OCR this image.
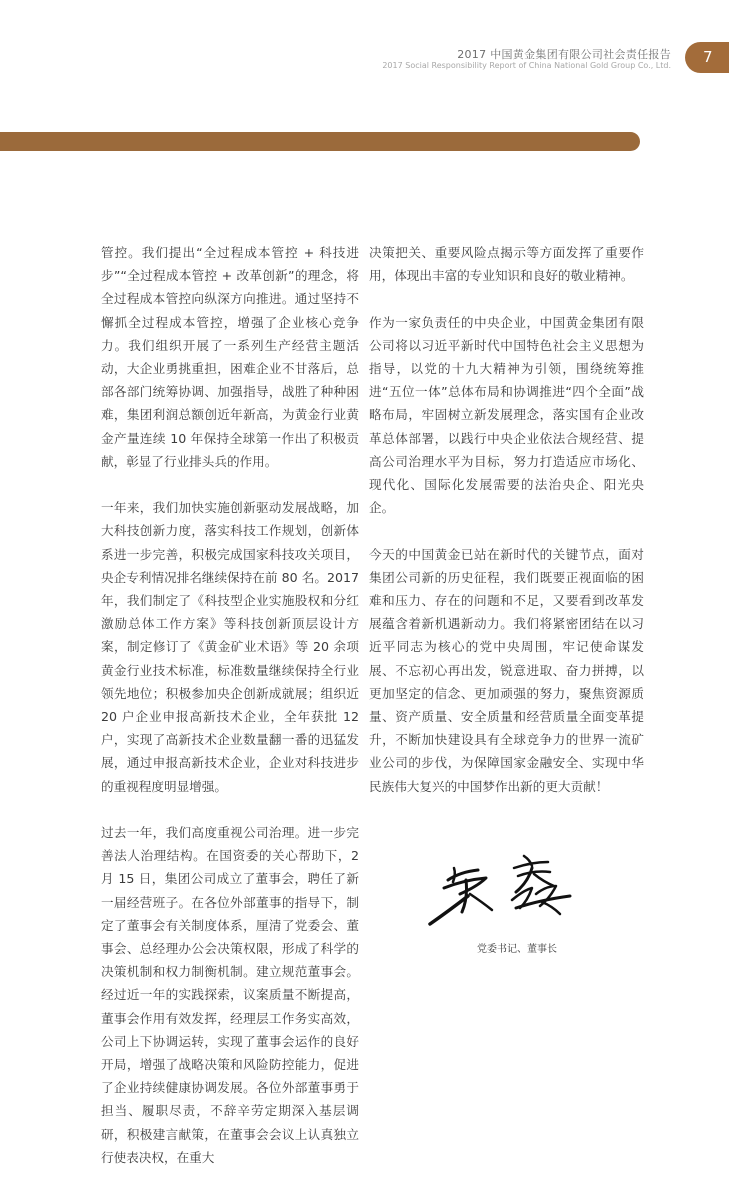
2017 中国黄金集团有限公司社会责任报告
2017 Social Responsibility Report of China National Gold Group Co., Ltd.	7

管控。我们提出“全过程成本管控 + 科技进步”“全过程成本管控 + 改革创新”的理念，将全过程成本管控向纵深方向推进。通过坚持不懈抓全过程成本管控，增强了企业核心竞争力。我们组织开展了一系列生产经营主题活动，大企业勇挑重担，困难企业不甘落后，总部各部门统筹协调、加强指导，战胜了种种困难，集团利润总额创近年新高，为黄金行业黄金产量连续 10 年保持全球第一作出了积极贡献，彰显了行业排头兵的作用。

一年来，我们加快实施创新驱动发展战略，加大科技创新力度，落实科技工作规划，创新体系进一步完善，积极完成国家科技攻关项目，央企专利情况排名继续保持在前 80 名。2017 年，我们制定了《科技型企业实施股权和分红激励总体工作方案》等科技创新顶层设计方案，制定修订了《黄金矿业术语》等 20 余项黄金行业技术标准，标准数量继续保持全行业领先地位；积极参加央企创新成就展；组织近 20 户企业申报高新技术企业，全年获批 12 户，实现了高新技术企业数量翻一番的迅猛发展，通过申报高新技术企业，企业对科技进步的重视程度明显增强。

过去一年，我们高度重视公司治理。进一步完善法人治理结构。在国资委的关心帮助下，2 月 15 日，集团公司成立了董事会，聘任了新一届经营班子。在各位外部董事的指导下，制定了董事会有关制度体系，厘清了党委会、董事会、总经理办公会决策权限，形成了科学的决策机制和权力制衡机制。建立规范董事会。经过近一年的实践探索，议案质量不断提高，董事会作用有效发挥，经理层工作务实高效，公司上下协调运转，实现了董事会运作的良好开局，增强了战略决策和风险防控能力，促进了企业持续健康协调发展。各位外部董事勇于担当、履职尽责，不辞辛劳定期深入基层调研，积极建言献策，在董事会会议上认真独立行使表决权，在重大

决策把关、重要风险点揭示等方面发挥了重要作用，体现出丰富的专业知识和良好的敬业精神。

作为一家负责任的中央企业，中国黄金集团有限公司将以习近平新时代中国特色社会主义思想为指导，以党的十九大精神为引领，围绕统筹推进“五位一体”总体布局和协调推进“四个全面”战略布局，牢固树立新发展理念，落实国有企业改革总体部署，以践行中央企业依法合规经营、提高公司治理水平为目标，努力打造适应市场化、现代化、国际化发展需要的法治央企、阳光央企。

今天的中国黄金已站在新时代的关键节点，面对集团公司新的历史征程，我们既要正视面临的困难和压力、存在的问题和不足，又要看到改革发展蕴含着新机遇新动力。我们将紧密团结在以习近平同志为核心的党中央周围，牢记使命谋发展、不忘初心再出发，锐意进取、奋力拼搏，以更加坚定的信念、更加顽强的努力，聚焦资源质量、资产质量、安全质量和经营质量全面变革提升，不断加快建设具有全球竞争力的世界一流矿业公司的步伐，为保障国家金融安全、实现中华民族伟大复兴的中国梦作出新的更大贡献！

党委书记、董事长
